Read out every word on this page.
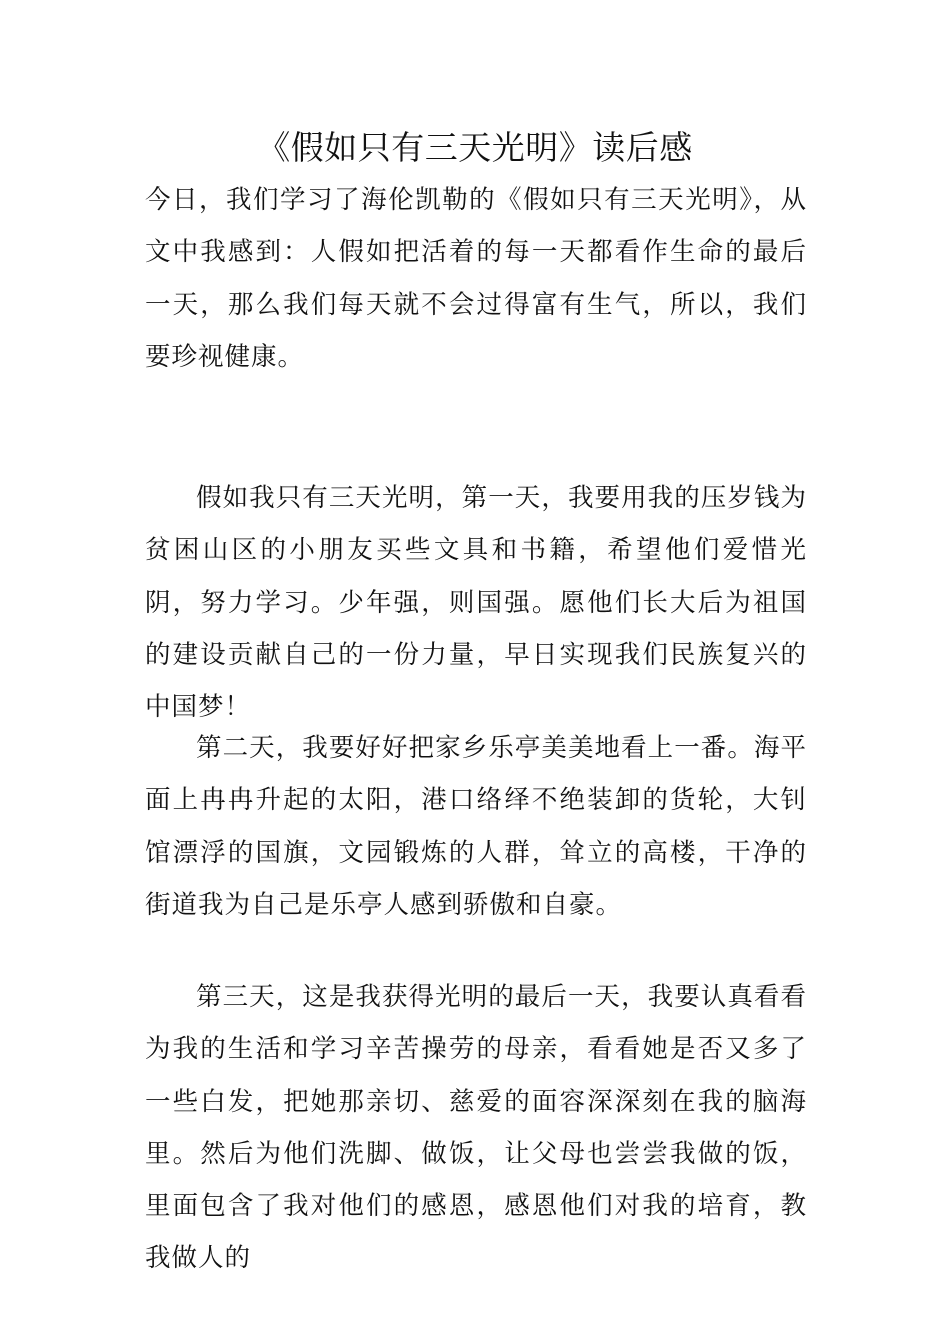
《假如只有三天光明》读后感

今日，我们学习了海伦凯勒的《假如只有三天光明》，从文中我感到：人假如把活着的每一天都看作生命的最后一天，那么我们每天就不会过得富有生气，所以，我们要珍视健康。

假如我只有三天光明，第一天，我要用我的压岁钱为贫困山区的小朋友买些文具和书籍，希望他们爱惜光阴，努力学习。少年强，则国强。愿他们长大后为祖国的建设贡献自己的一份力量，早日实现我们民族复兴的中国梦！

第二天，我要好好把家乡乐亭美美地看上一番。海平面上冉冉升起的太阳，港口络绎不绝装卸的货轮，大钊馆漂浮的国旗，文园锻炼的人群，耸立的高楼，干净的街道我为自己是乐亭人感到骄傲和自豪。

第三天，这是我获得光明的最后一天，我要认真看看为我的生活和学习辛苦操劳的母亲，看看她是否又多了一些白发，把她那亲切、慈爱的面容深深刻在我的脑海里。然后为他们洗脚、做饭，让父母也尝尝我做的饭，里面包含了我对他们的感恩，感恩他们对我的培育，教我做人的
